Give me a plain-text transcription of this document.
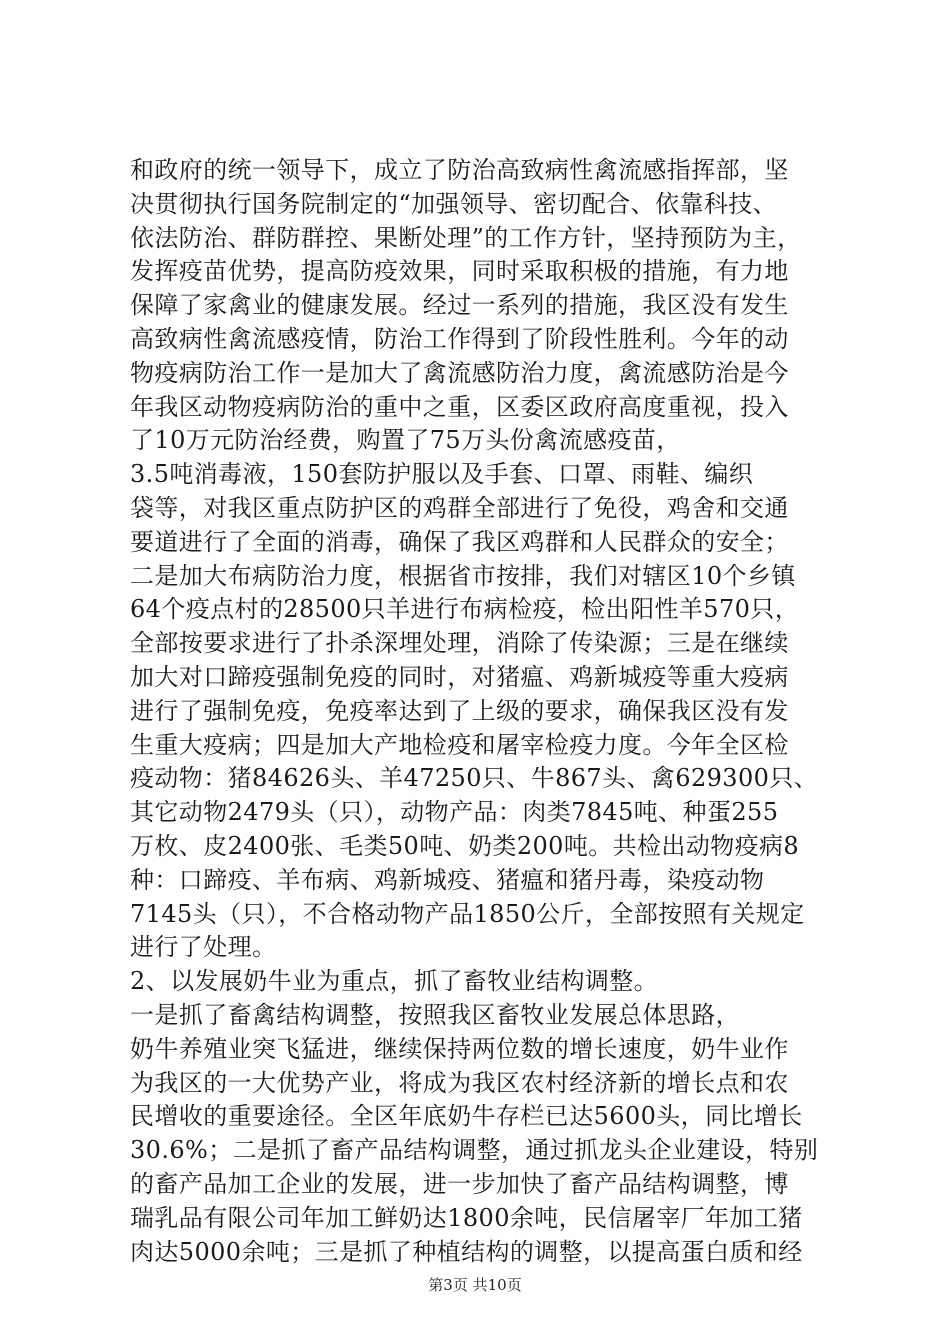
和政府的统一领导下，成立了防治高致病性禽流感指挥部，坚
决贯彻执行国务院制定的“加强领导、密切配合、依靠科技、
依法防治、群防群控、果断处理”的工作方针，坚持预防为主，
发挥疫苗优势，提高防疫效果，同时采取积极的措施，有力地
保障了家禽业的健康发展。经过一系列的措施，我区没有发生
高致病性禽流感疫情，防治工作得到了阶段性胜利。今年的动
物疫病防治工作一是加大了禽流感防治力度，禽流感防治是今
年我区动物疫病防治的重中之重，区委区政府高度重视，投入
了10万元防治经费，购置了75万头份禽流感疫苗，
3.5吨消毒液，150套防护服以及手套、口罩、雨鞋、编织
袋等，对我区重点防护区的鸡群全部进行了免役，鸡舍和交通
要道进行了全面的消毒，确保了我区鸡群和人民群众的安全；
二是加大布病防治力度，根据省市按排，我们对辖区10个乡镇
64个疫点村的28500只羊进行布病检疫，检出阳性羊570只，
全部按要求进行了扑杀深埋处理，消除了传染源；三是在继续
加大对口蹄疫强制免疫的同时，对猪瘟、鸡新城疫等重大疫病
进行了强制免疫，免疫率达到了上级的要求，确保我区没有发
生重大疫病；四是加大产地检疫和屠宰检疫力度。今年全区检
疫动物：猪84626头、羊47250只、牛867头、禽629300只、
其它动物2479头（只），动物产品：肉类7845吨、种蛋255
万枚、皮2400张、毛类50吨、奶类200吨。共检出动物疫病8
种：口蹄疫、羊布病、鸡新城疫、猪瘟和猪丹毒，染疫动物
7145头（只），不合格动物产品1850公斤，全部按照有关规定
进行了处理。
2、以发展奶牛业为重点，抓了畜牧业结构调整。
一是抓了畜禽结构调整，按照我区畜牧业发展总体思路，
奶牛养殖业突飞猛进，继续保持两位数的增长速度，奶牛业作
为我区的一大优势产业，将成为我区农村经济新的增长点和农
民增收的重要途径。全区年底奶牛存栏已达5600头，同比增长
30.6%；二是抓了畜产品结构调整，通过抓龙头企业建设，特别
的畜产品加工企业的发展，进一步加快了畜产品结构调整，博
瑞乳品有限公司年加工鲜奶达1800余吨，民信屠宰厂年加工猪
肉达5000余吨；三是抓了种植结构的调整，以提高蛋白质和经
第3页 共10页
